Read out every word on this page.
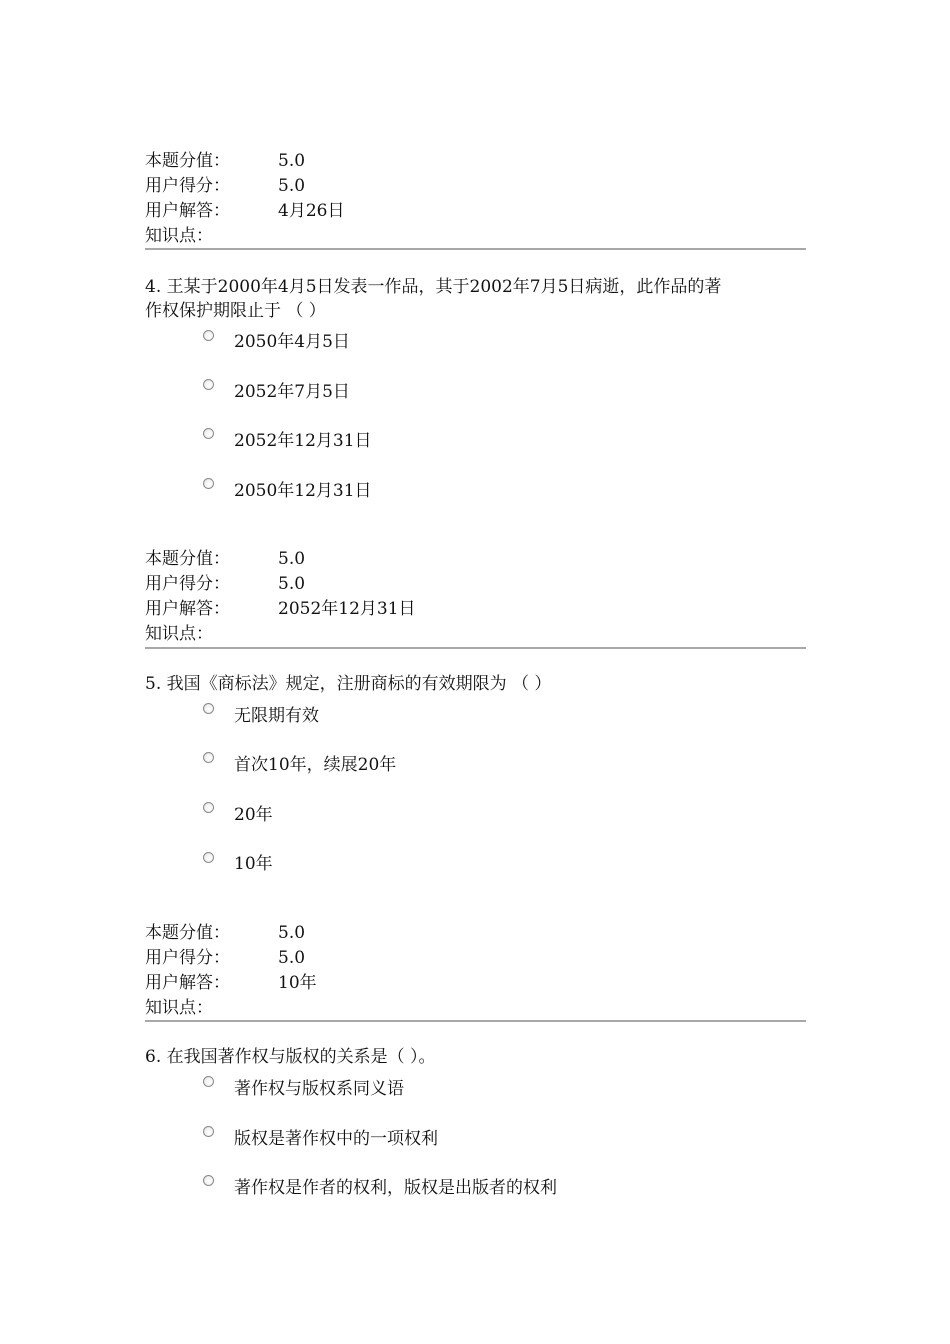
本题分值：	5.0
用户得分：	5.0
用户解答：	4月26日
知识点：
4. 王某于2000年4月5日发表一作品，其于2002年7月5日病逝，此作品的著
作权保护期限止于 （ ）
2050年4月5日
2052年7月5日
2052年12月31日
2050年12月31日
本题分值：	5.0
用户得分：	5.0
用户解答：	2052年12月31日
知识点：
5. 我国《商标法》规定，注册商标的有效期限为 （ ）
无限期有效
首次10年，续展20年
20年
10年
本题分值：	5.0
用户得分：	5.0
用户解答：	10年
知识点：
6. 在我国著作权与版权的关系是（ ）。
著作权与版权系同义语
版权是著作权中的一项权利
著作权是作者的权利，版权是出版者的权利
